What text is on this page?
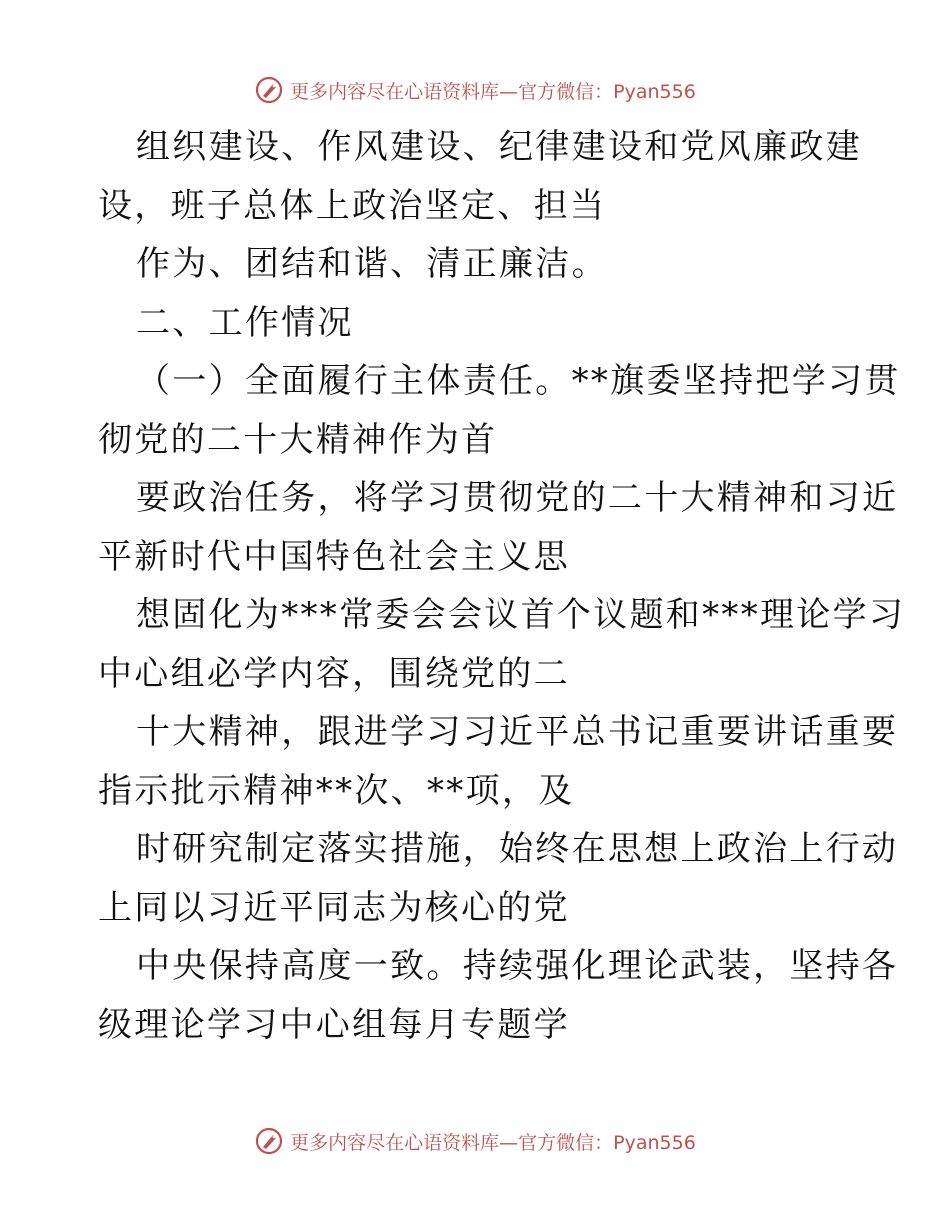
更多内容尽在心语资料库—官方微信：Pyan556
组织建设、作风建设、纪律建设和党风廉政建
设，班子总体上政治坚定、担当
作为、团结和谐、清正廉洁。
二、工作情况
（一）全面履行主体责任。**旗委坚持把学习贯
彻党的二十大精神作为首
要政治任务，将学习贯彻党的二十大精神和习近
平新时代中国特色社会主义思
想固化为***常委会会议首个议题和***理论学习
中心组必学内容，围绕党的二
十大精神，跟进学习习近平总书记重要讲话重要
指示批示精神**次、**项，及
时研究制定落实措施，始终在思想上政治上行动
上同以习近平同志为核心的党
中央保持高度一致。持续强化理论武装，坚持各
级理论学习中心组每月专题学
更多内容尽在心语资料库—官方微信：Pyan556
